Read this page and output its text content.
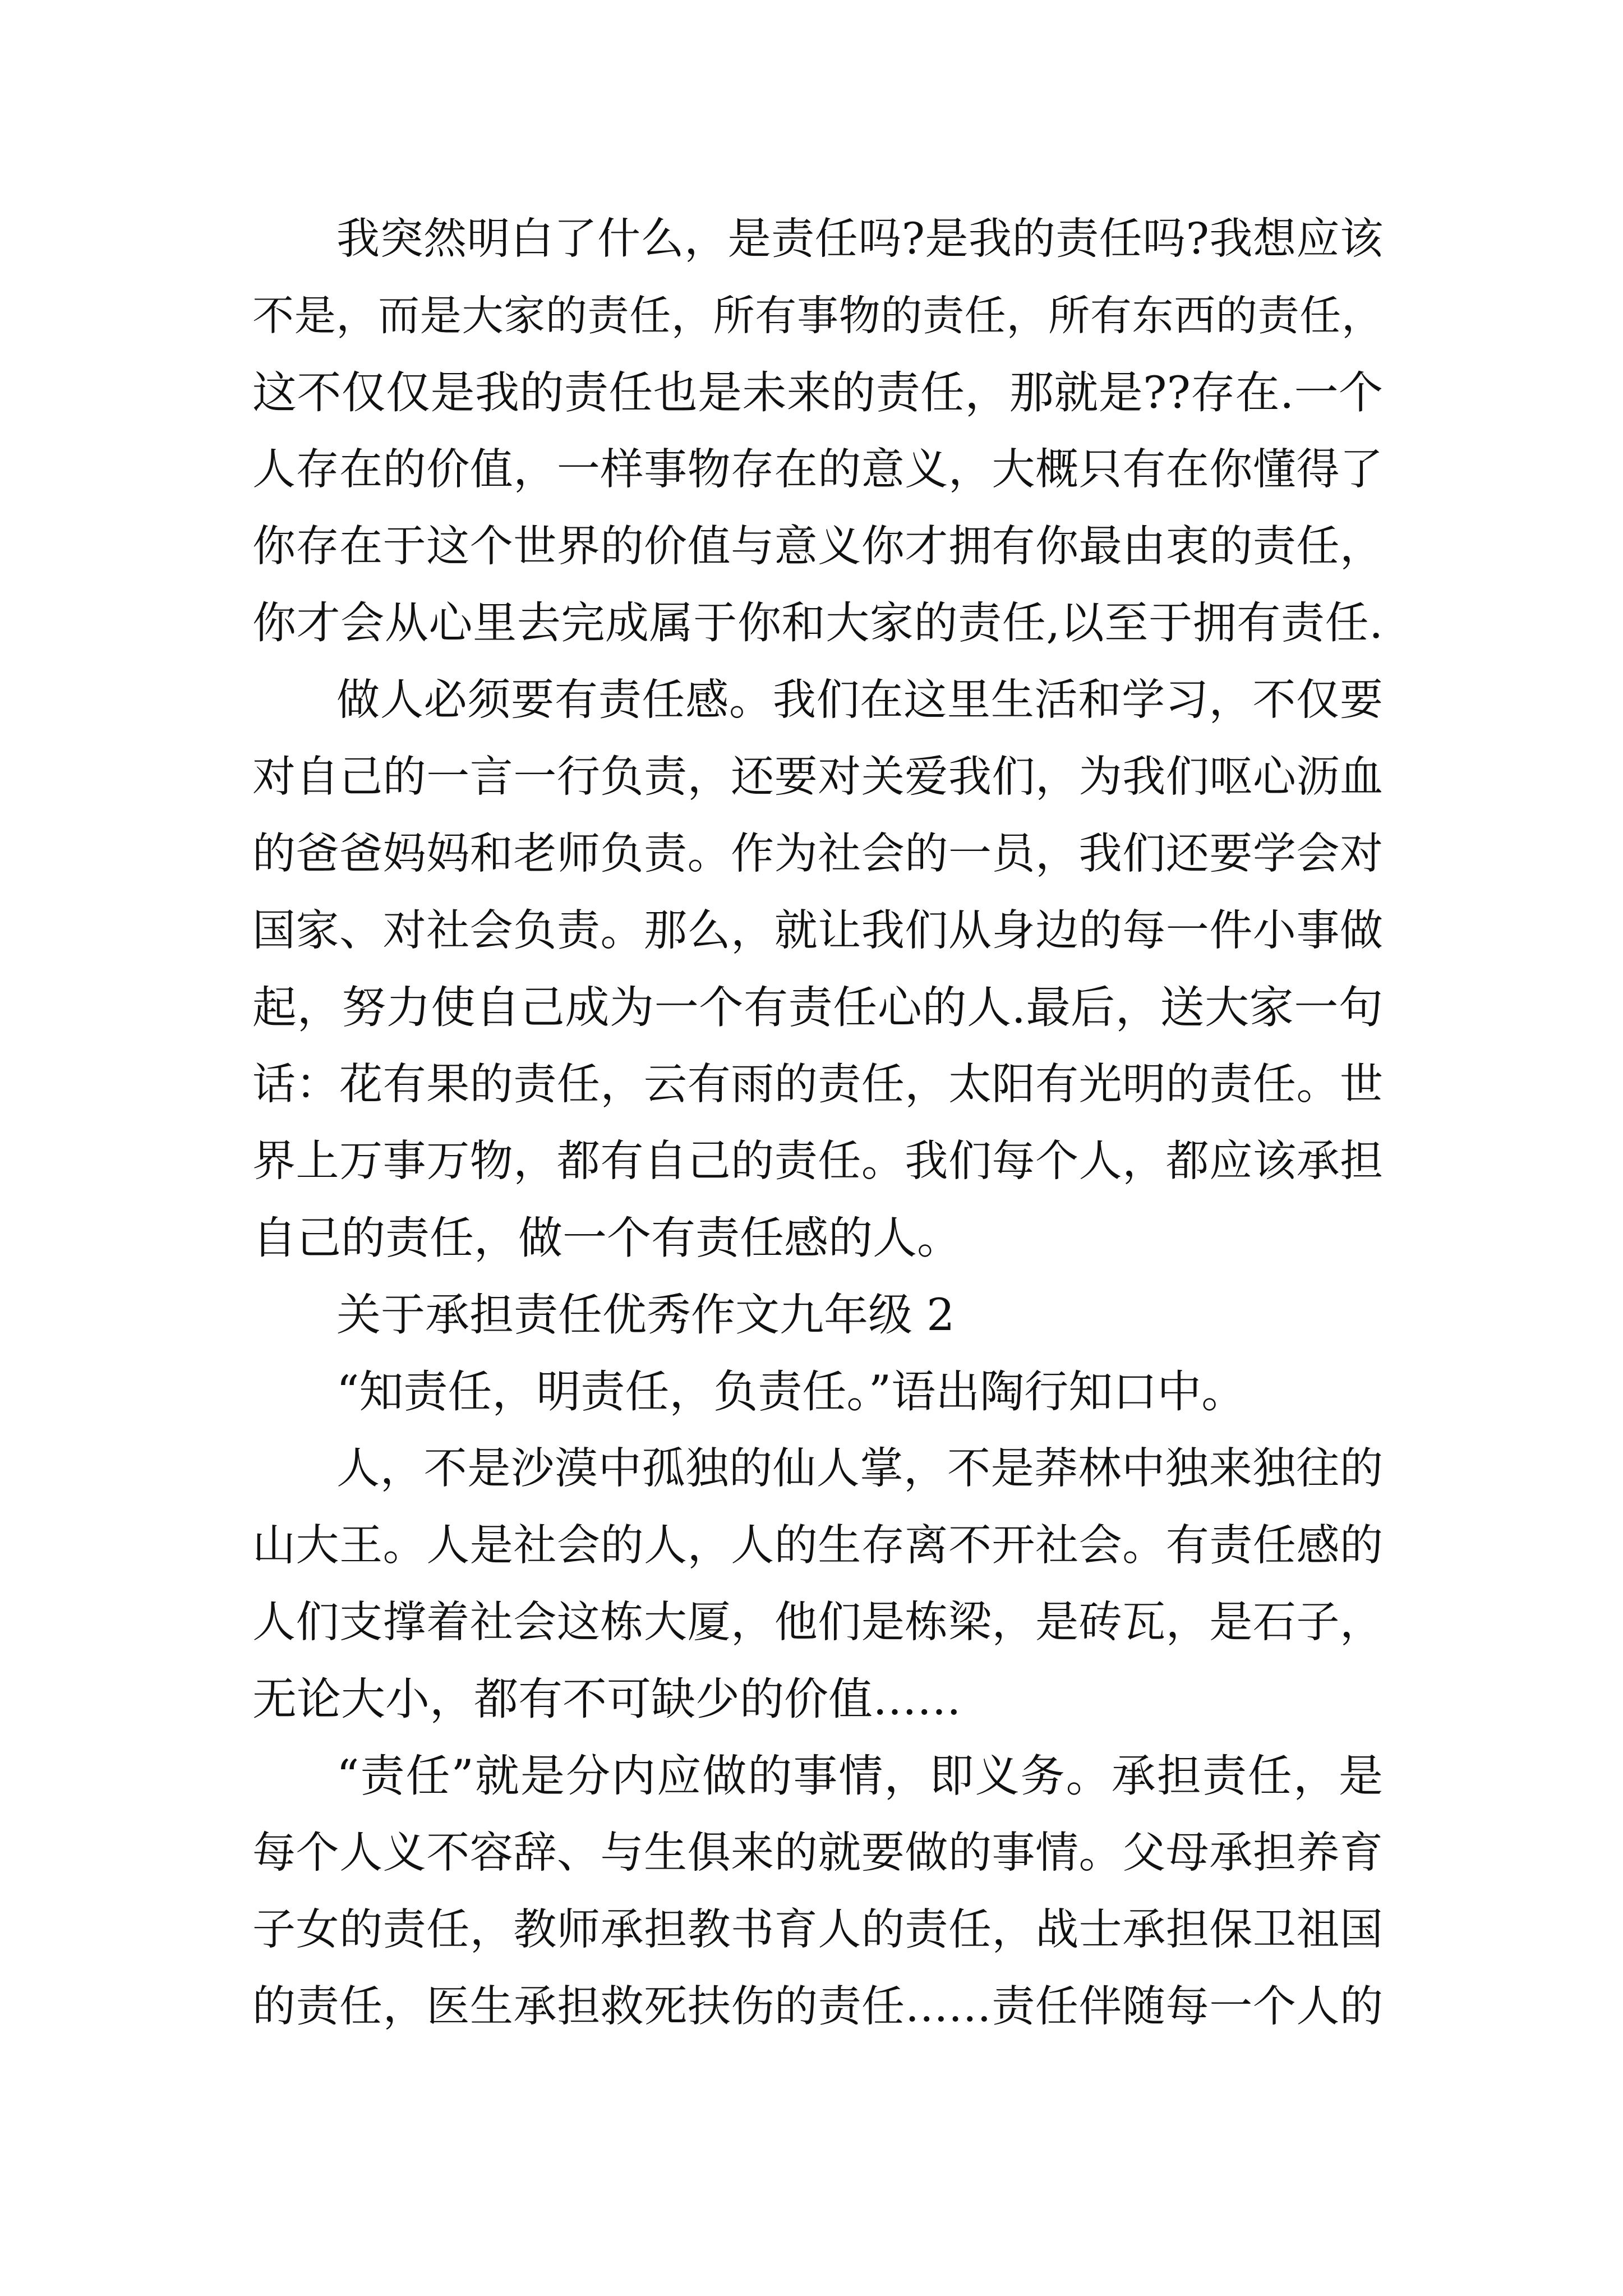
我突然明白了什么，是责任吗?是我的责任吗?我想应该
不是，而是大家的责任，所有事物的责任，所有东西的责任，
这不仅仅是我的责任也是未来的责任，那就是??存在.一个
人存在的价值，一样事物存在的意义，大概只有在你懂得了
你存在于这个世界的价值与意义你才拥有你最由衷的责任，
你才会从心里去完成属于你和大家的责任,以至于拥有责任.
做人必须要有责任感。我们在这里生活和学习，不仅要
对自己的一言一行负责，还要对关爱我们，为我们呕心沥血
的爸爸妈妈和老师负责。作为社会的一员，我们还要学会对
国家、对社会负责。那么，就让我们从身边的每一件小事做
起，努力使自己成为一个有责任心的人.最后，送大家一句
话：花有果的责任，云有雨的责任，太阳有光明的责任。世
界上万事万物，都有自己的责任。我们每个人，都应该承担
自己的责任，做一个有责任感的人。
关于承担责任优秀作文九年级 2
“知责任，明责任，负责任。”语出陶行知口中。
人，不是沙漠中孤独的仙人掌，不是莽林中独来独往的
山大王。人是社会的人，人的生存离不开社会。有责任感的
人们支撑着社会这栋大厦，他们是栋梁，是砖瓦，是石子，
无论大小，都有不可缺少的价值……
“责任”就是分内应做的事情，即义务。承担责任，是
每个人义不容辞、与生俱来的就要做的事情。父母承担养育
子女的责任，教师承担教书育人的责任，战士承担保卫祖国
的责任，医生承担救死扶伤的责任……责任伴随每一个人的
